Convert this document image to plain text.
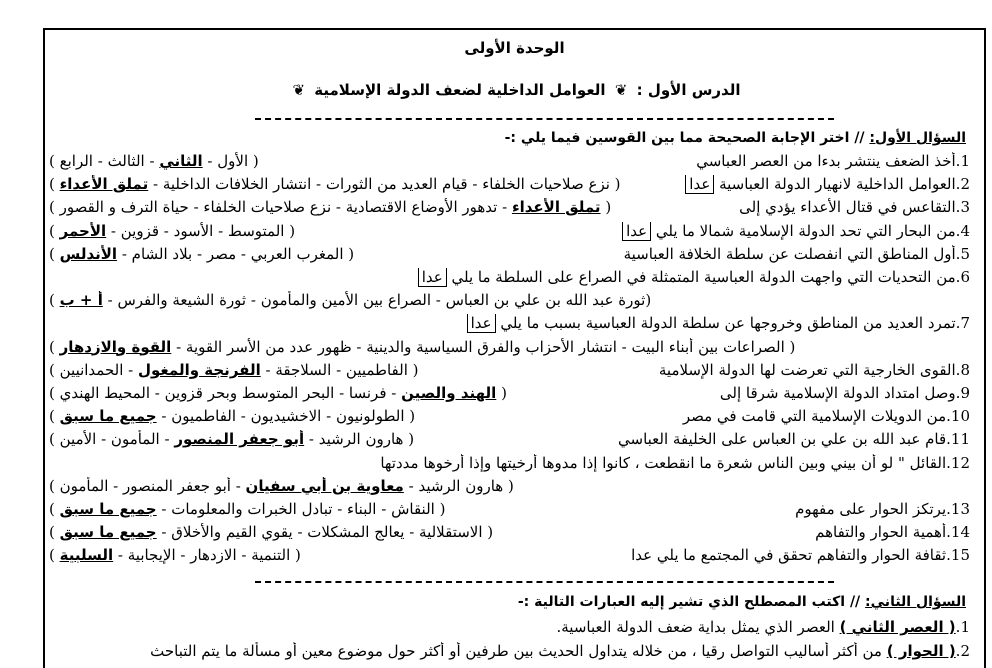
الوحدة الأولى
الدرس الأول : ❦ العوامل الداخلية لضعف الدولة الإسلامية ❦
السؤال الأول: // اختر الإجابة الصحيحة مما بين القوسين فيما يلي :-
1.أخذ الضعف ينتشر بدءا من العصر العباسي
( الأول - الثاني - الثالث - الرابع )
2.العوامل الداخلية لانهيار الدولة العباسية عدا
( نزع صلاحيات الخلفاء - قيام العديد من الثورات - انتشار الخلافات الداخلية - تملق الأعداء )
3.التقاعس في قتال الأعداء يؤدي إلى
( تملق الأعداء - تدهور الأوضاع الاقتصادية - نزع صلاحيات الخلفاء - حياة الترف و القصور )
4.من البحار التي تحد الدولة الإسلامية شمالا ما يلي عدا
( المتوسط - الأسود - قزوين - الأحمر )
5.أول المناطق التي انفصلت عن سلطة الخلافة العباسية
( المغرب العربي - مصر - بلاد الشام - الأندلس )
6.من التحديات التي واجهت الدولة العباسية المتمثلة في الصراع على السلطة ما يلي عدا
(ثورة عبد الله بن علي بن العباس - الصراع بين الأمين والمأمون - ثورة الشيعة والفرس - أ + ب )
7.تمرد العديد من المناطق وخروجها عن سلطة الدولة العباسية بسبب ما يلي عدا
( الصراعات بين أبناء البيت - انتشار الأحزاب والفرق السياسية والدينية - ظهور عدد من الأسر القوية - القوة والازدهار )
8.القوى الخارجية التي تعرضت لها الدولة الإسلامية
( الفاطميين - السلاجقة - الفرنجة والمغول - الحمدانيين )
9.وصل امتداد الدولة الإسلامية شرقا إلى
( الهند والصين - فرنسا - البحر المتوسط وبحر قزوين - المحيط الهندي )
10.من الدويلات الإسلامية التي قامت في مصر
( الطولونيون - الاخشيديون - الفاطميون - جميع ما سبق )
11.قام عبد الله بن علي بن العباس على الخليفة العباسي
( هارون الرشيد - أبو جعفر المنصور - المأمون - الأمين )
12.القائل " لو أن بيني وبين الناس شعرة ما انقطعت ، كانوا إذا مدوها أرخيتها وإذا أرخوها مددتها
( هارون الرشيد - معاوية بن أبي سفيان - أبو جعفر المنصور - المأمون )
13.يرتكز الحوار على مفهوم
( النقاش - البناء - تبادل الخبرات والمعلومات - جميع ما سبق )
14.أهمية الحوار والتفاهم
( الاستقلالية - يعالج المشكلات - يقوي القيم والأخلاق - جميع ما سبق )
15.ثقافة الحوار والتفاهم تحقق في المجتمع ما يلي عدا
( التنمية - الازدهار - الإيجابية - السلبية )
السؤال الثاني: // اكتب المصطلح الذي تشير إليه العبارات التالية :-
1.( العصر الثاني ) العصر الذي يمثل بداية ضعف الدولة العباسية.
2.( الحوار ) من أكثر أساليب التواصل رقيا ، من خلاله يتداول الحديث بين طرفين أو أكثر حول موضوع معين أو مسألة ما يتم التباحث
